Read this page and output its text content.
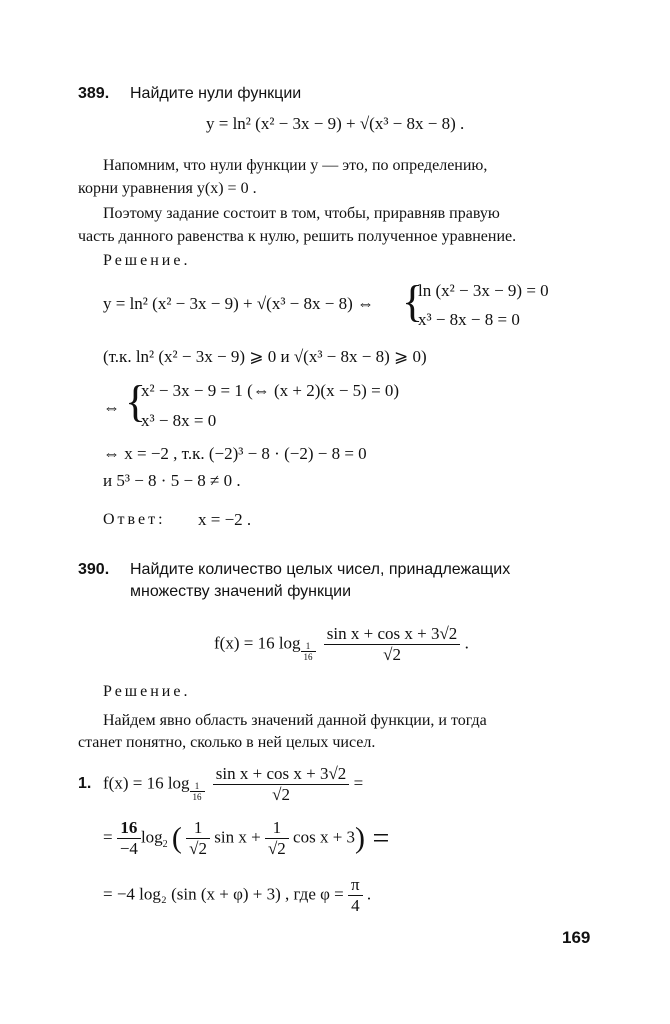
389. Найдите нули функции
y = ln² (x² − 3x − 9) + √(x³ − 8x − 8) .
Напомним, что нули функции y — это, по определению,
корни уравнения y(x) = 0 .
Поэтому задание состоит в том, чтобы, приравняв правую
часть данного равенства к нулю, решить полученное уравнение.
Решение.
y = ln² (x² − 3x − 9) + √(x³ − 8x − 8) ⇔ {
ln (x² − 3x − 9) = 0
x³ − 8x − 8 = 0
(т.к. ln² (x² − 3x − 9) ⩾ 0 и √(x³ − 8x − 8) ⩾ 0)
⇔ {
x² − 3x − 9 = 1 (⇔ (x + 2)(x − 5) = 0)
x³ − 8x = 0
⇔ x = −2 , т.к. (−2)³ − 8 · (−2) − 8 = 0
и 5³ − 8 · 5 − 8 ≠ 0 .
Ответ: x = −2 .
390. Найдите количество целых чисел, принадлежащих
множеству значений функции
f(x) = 16 $\log \frac{1}{16}$
$\frac{\text{sin x + cos x + 3√2}}{√2}$ .
Решение.
Найдем явно область значений данной функции, и тогда
станет понятно, сколько в ней целых чисел.
1. f(x) = 16 $\log \frac{1}{16}$
$\frac{\text{sin x + cos x + 3√2}}{√2}$ =
= $\frac{16}{-4} \log_2$ ( $\frac{1}{√2}$ $\sin x + \frac{1}{√2}$ cos x + 3) =
= −4 log₂ (sin (x + φ) + 3) , где $\varphi = \frac{\pi}{4}$ .
169
